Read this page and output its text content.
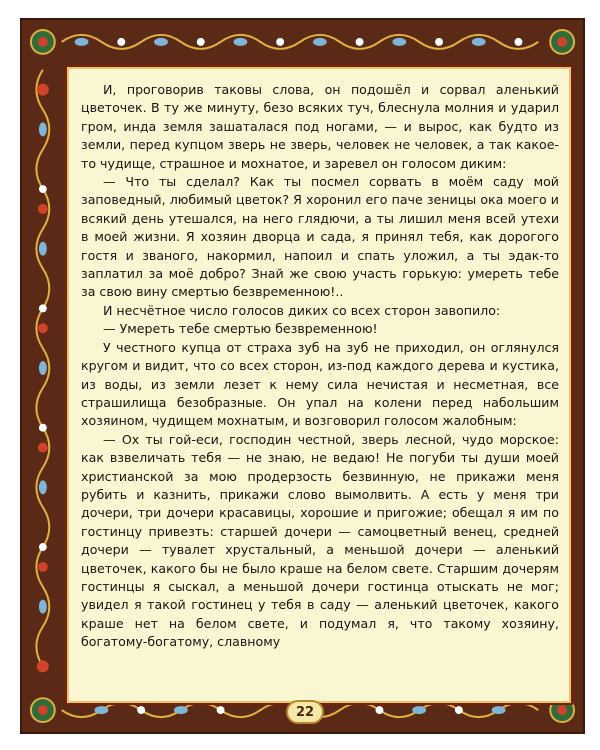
И, проговорив таковы слова, он подошёл и сорвал аленький цветочек. В ту же минуту, безо всяких туч, блеснула молния и ударил гром, инда земля зашаталася под ногами, — и вырос, как будто из земли, перед купцом зверь не зверь, человек не человек, а так какое-то чудище, страшное и мохнатое, и заревел он голосом диким:

— Что ты сделал? Как ты посмел сорвать в моём саду мой заповедный, любимый цветок? Я хоронил его паче зеницы ока моего и всякий день утешался, на него глядючи, а ты лишил меня всей утехи в моей жизни. Я хозяин дворца и сада, я принял тебя, как дорогого гостя и званого, накормил, напоил и спать уложил, а ты эдак-то заплатил за моё добро? Знай же свою участь горькую: умереть тебе за свою вину смертью безвременною!..

И несчётное число голосов диких со всех сторон завопило:

— Умереть тебе смертью безвременною!

У честного купца от страха зуб на зуб не приходил, он оглянулся кругом и видит, что со всех сторон, из-под каждого дерева и кустика, из воды, из земли лезет к нему сила нечистая и несметная, все страшилища безобразные. Он упал на колени перед набольшим хозяином, чудищем мохнатым, и возговорил голосом жалобным:

— Ох ты гой-еси, господин честной, зверь лесной, чудо морское: как взвеличать тебя — не знаю, не ведаю! Не погуби ты души моей христианской за мою продерзость безвинную, не прикажи меня рубить и казнить, прикажи слово вымолвить. А есть у меня три дочери, три дочери красавицы, хорошие и пригожие; обещал я им по гостинцу привезть: старшей дочери — самоцветный венец, средней дочери — тувалет хрустальный, а меньшой дочери — аленький цветочек, какого бы не было краше на белом свете. Старшим дочерям гостинцы я сыскал, а меньшой дочери гостинца отыскать не мог; увидел я такой гостинец у тебя в саду — аленький цветочек, какого краше нет на белом свете, и подумал я, что такому хозяину, богатому-богатому, славному

22
